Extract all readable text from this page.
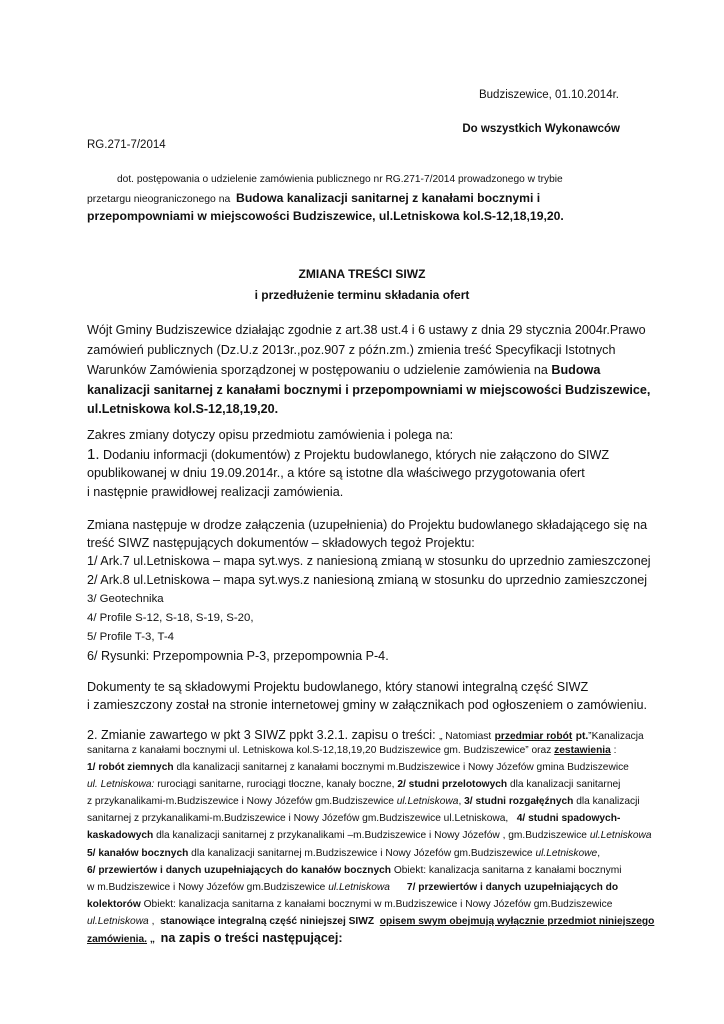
Budziszewice, 01.10.2014r.
Do wszystkich Wykonawców
RG.271-7/2014
dot. postępowania o udzielenie zamówienia publicznego nr RG.271-7/2014 prowadzonego w trybie
przetargu nieograniczonego na Budowa kanalizacji sanitarnej z kanałami bocznymi i
przepompowniami w miejscowości Budziszewice, ul.Letniskowa kol.S-12,18,19,20.
ZMIANA TREŚCI SIWZ
i przedłużenie terminu składania ofert
Wójt Gminy Budziszewice działając zgodnie z art.38 ust.4 i 6 ustawy z dnia 29 stycznia 2004r.Prawo
zamówień publicznych (Dz.U.z 2013r.,poz.907 z późn.zm.) zmienia treść Specyfikacji Istotnych
Warunków Zamówienia sporządzonej w postępowaniu o udzielenie zamówienia na Budowa
kanalizacji sanitarnej z kanałami bocznymi i przepompowniami w miejscowości Budziszewice,
ul.Letniskowa kol.S-12,18,19,20.
Zakres zmiany dotyczy opisu przedmiotu zamówienia i polega na:
1. Dodaniu informacji (dokumentów) z Projektu budowlanego, których nie załączono do SIWZ
opublikowanej w dniu 19.09.2014r., a które są istotne dla właściwego przygotowania ofert
i następnie prawidłowej realizacji zamówienia.
Zmiana następuje w drodze załączenia (uzupełnienia) do Projektu budowlanego składającego się na
treść SIWZ następujących dokumentów – składowych tegoż Projektu:
1/ Ark.7 ul.Letniskowa – mapa syt.wys. z naniesioną zmianą w stosunku do uprzednio zamieszczonej
2/ Ark.8 ul.Letniskowa – mapa syt.wys.z naniesioną zmianą w stosunku do uprzednio zamieszczonej
3/ Geotechnika
4/ Profile S-12, S-18, S-19, S-20,
5/ Profile T-3, T-4
6/ Rysunki: Przepompownia P-3, przepompownia P-4.
Dokumenty te są składowymi Projektu budowlanego, który stanowi integralną część SIWZ
i zamieszczony został na stronie internetowej gminy w załącznikach pod ogłoszeniem o zamówieniu.
2. Zmianie zawartego w pkt 3 SIWZ ppkt 3.2.1. zapisu o treści: „ Natomiast przedmiar robót pt.”Kanalizacja
sanitarna z kanałami bocznymi ul. Letniskowa kol.S-12,18,19,20 Budziszewice gm. Budziszewice” oraz zestawienia :
1/ robót ziemnych dla kanalizacji sanitarnej z kanałami bocznymi m.Budziszewice i Nowy Józefów gmina Budziszewice
ul. Letniskowa: rurociągi sanitarne, rurociągi tłoczne, kanały boczne, 2/ studni przelotowych dla kanalizacji sanitarnej
z przykanalikami-m.Budziszewice i Nowy Józefów gm.Budziszewice ul.Letniskowa, 3/ studni rozgałęźnych dla kanalizacji
sanitarnej z przykanalikami-m.Budziszewice i Nowy Józefów gm.Budziszewice ul.Letniskowa, 4/ studni spadowych-
kaskadowych dla kanalizacji sanitarnej z przykanalikami –m.Budziszewice i Nowy Józefów , gm.Budziszewice ul.Letniskowa
5/ kanałów bocznych dla kanalizacji sanitarnej m.Budziszewice i Nowy Józefów gm.Budziszewice ul.Letniskowe,
6/ przewiertów i danych uzupełniających do kanałów bocznych Obiekt: kanalizacja sanitarna z kanałami bocznymi
w m.Budziszewice i Nowy Józefów gm.Budziszewice ul.Letniskowa 7/ przewiertów i danych uzupełniających do
kolektorów Obiekt: kanalizacja sanitarna z kanałami bocznymi w m.Budziszewice i Nowy Józefów gm.Budziszewice
ul.Letniskowa , stanowiące integralną część niniejszej SIWZ opisem swym obejmują wyłącznie przedmiot niniejszego
zamówienia. „ na zapis o treści następującej:
